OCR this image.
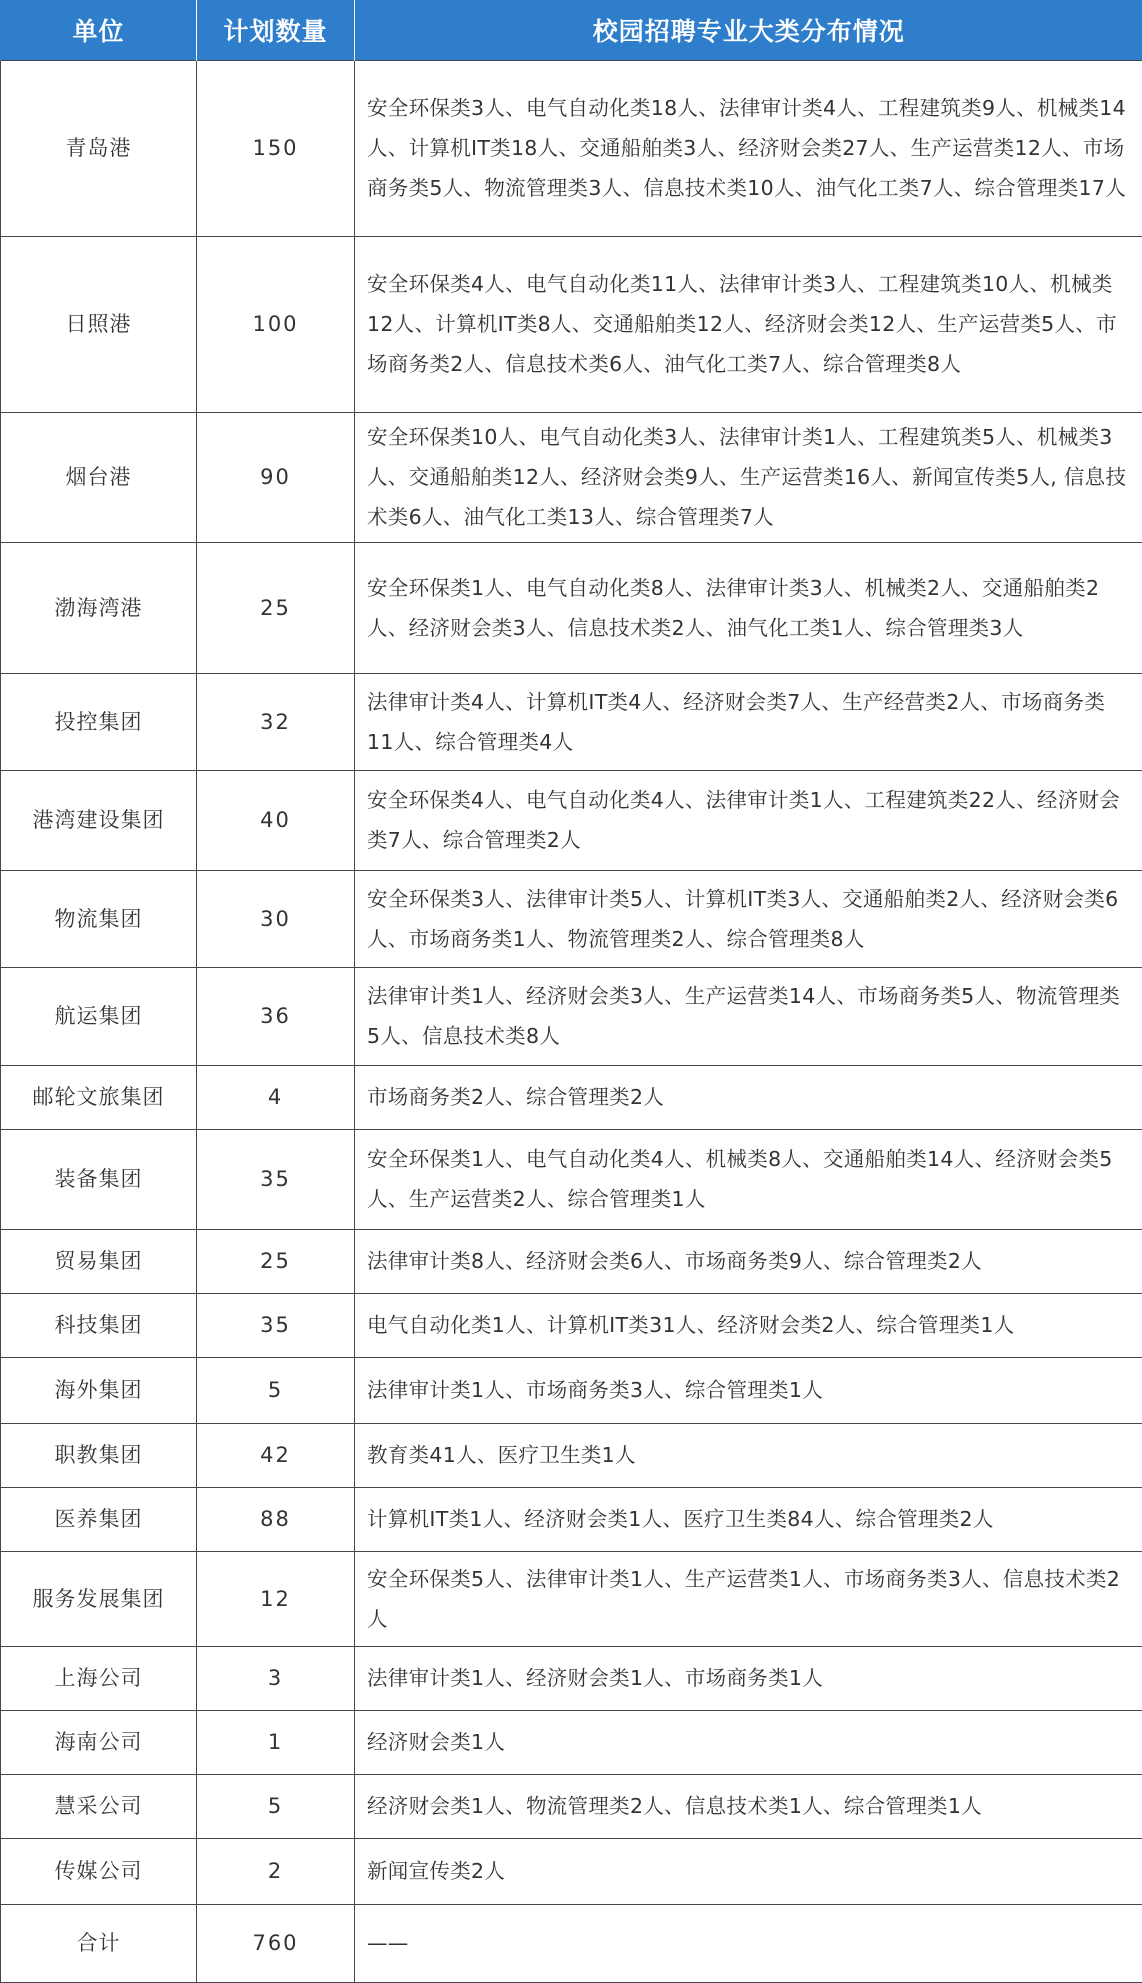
单位	计划数量	校园招聘专业大类分布情况
青岛港	150	安全环保类3人、电气自动化类18人、法律审计类4人、工程建筑类9人、机械类14人、计算机IT类18人、交通船舶类3人、经济财会类27人、生产运营类12人、市场商务类5人、物流管理类3人、信息技术类10人、油气化工类7人、综合管理类17人
日照港	100	安全环保类4人、电气自动化类11人、法律审计类3人、工程建筑类10人、机械类12人、计算机IT类8人、交通船舶类12人、经济财会类12人、生产运营类5人、市场商务类2人、信息技术类6人、油气化工类7人、综合管理类8人
烟台港	90	安全环保类10人、电气自动化类3人、法律审计类1人、工程建筑类5人、机械类3人、交通船舶类12人、经济财会类9人、生产运营类16人、新闻宣传类5人, 信息技术类6人、油气化工类13人、综合管理类7人
渤海湾港	25	安全环保类1人、电气自动化类8人、法律审计类3人、机械类2人、交通船舶类2人、经济财会类3人、信息技术类2人、油气化工类1人、综合管理类3人
投控集团	32	法律审计类4人、计算机IT类4人、经济财会类7人、生产经营类2人、市场商务类11人、综合管理类4人
港湾建设集团	40	安全环保类4人、电气自动化类4人、法律审计类1人、工程建筑类22人、经济财会类7人、综合管理类2人
物流集团	30	安全环保类3人、法律审计类5人、计算机IT类3人、交通船舶类2人、经济财会类6人、市场商务类1人、物流管理类2人、综合管理类8人
航运集团	36	法律审计类1人、经济财会类3人、生产运营类14人、市场商务类5人、物流管理类5人、信息技术类8人
邮轮文旅集团	4	市场商务类2人、综合管理类2人
装备集团	35	安全环保类1人、电气自动化类4人、机械类8人、交通船舶类14人、经济财会类5人、生产运营类2人、综合管理类1人
贸易集团	25	法律审计类8人、经济财会类6人、市场商务类9人、综合管理类2人
科技集团	35	电气自动化类1人、计算机IT类31人、经济财会类2人、综合管理类1人
海外集团	5	法律审计类1人、市场商务类3人、综合管理类1人
职教集团	42	教育类41人、医疗卫生类1人
医养集团	88	计算机IT类1人、经济财会类1人、医疗卫生类84人、综合管理类2人
服务发展集团	12	安全环保类5人、法律审计类1人、生产运营类1人、市场商务类3人、信息技术类2人
上海公司	3	法律审计类1人、经济财会类1人、市场商务类1人
海南公司	1	经济财会类1人
慧采公司	5	经济财会类1人、物流管理类2人、信息技术类1人、综合管理类1人
传媒公司	2	新闻宣传类2人
合计	760	——
